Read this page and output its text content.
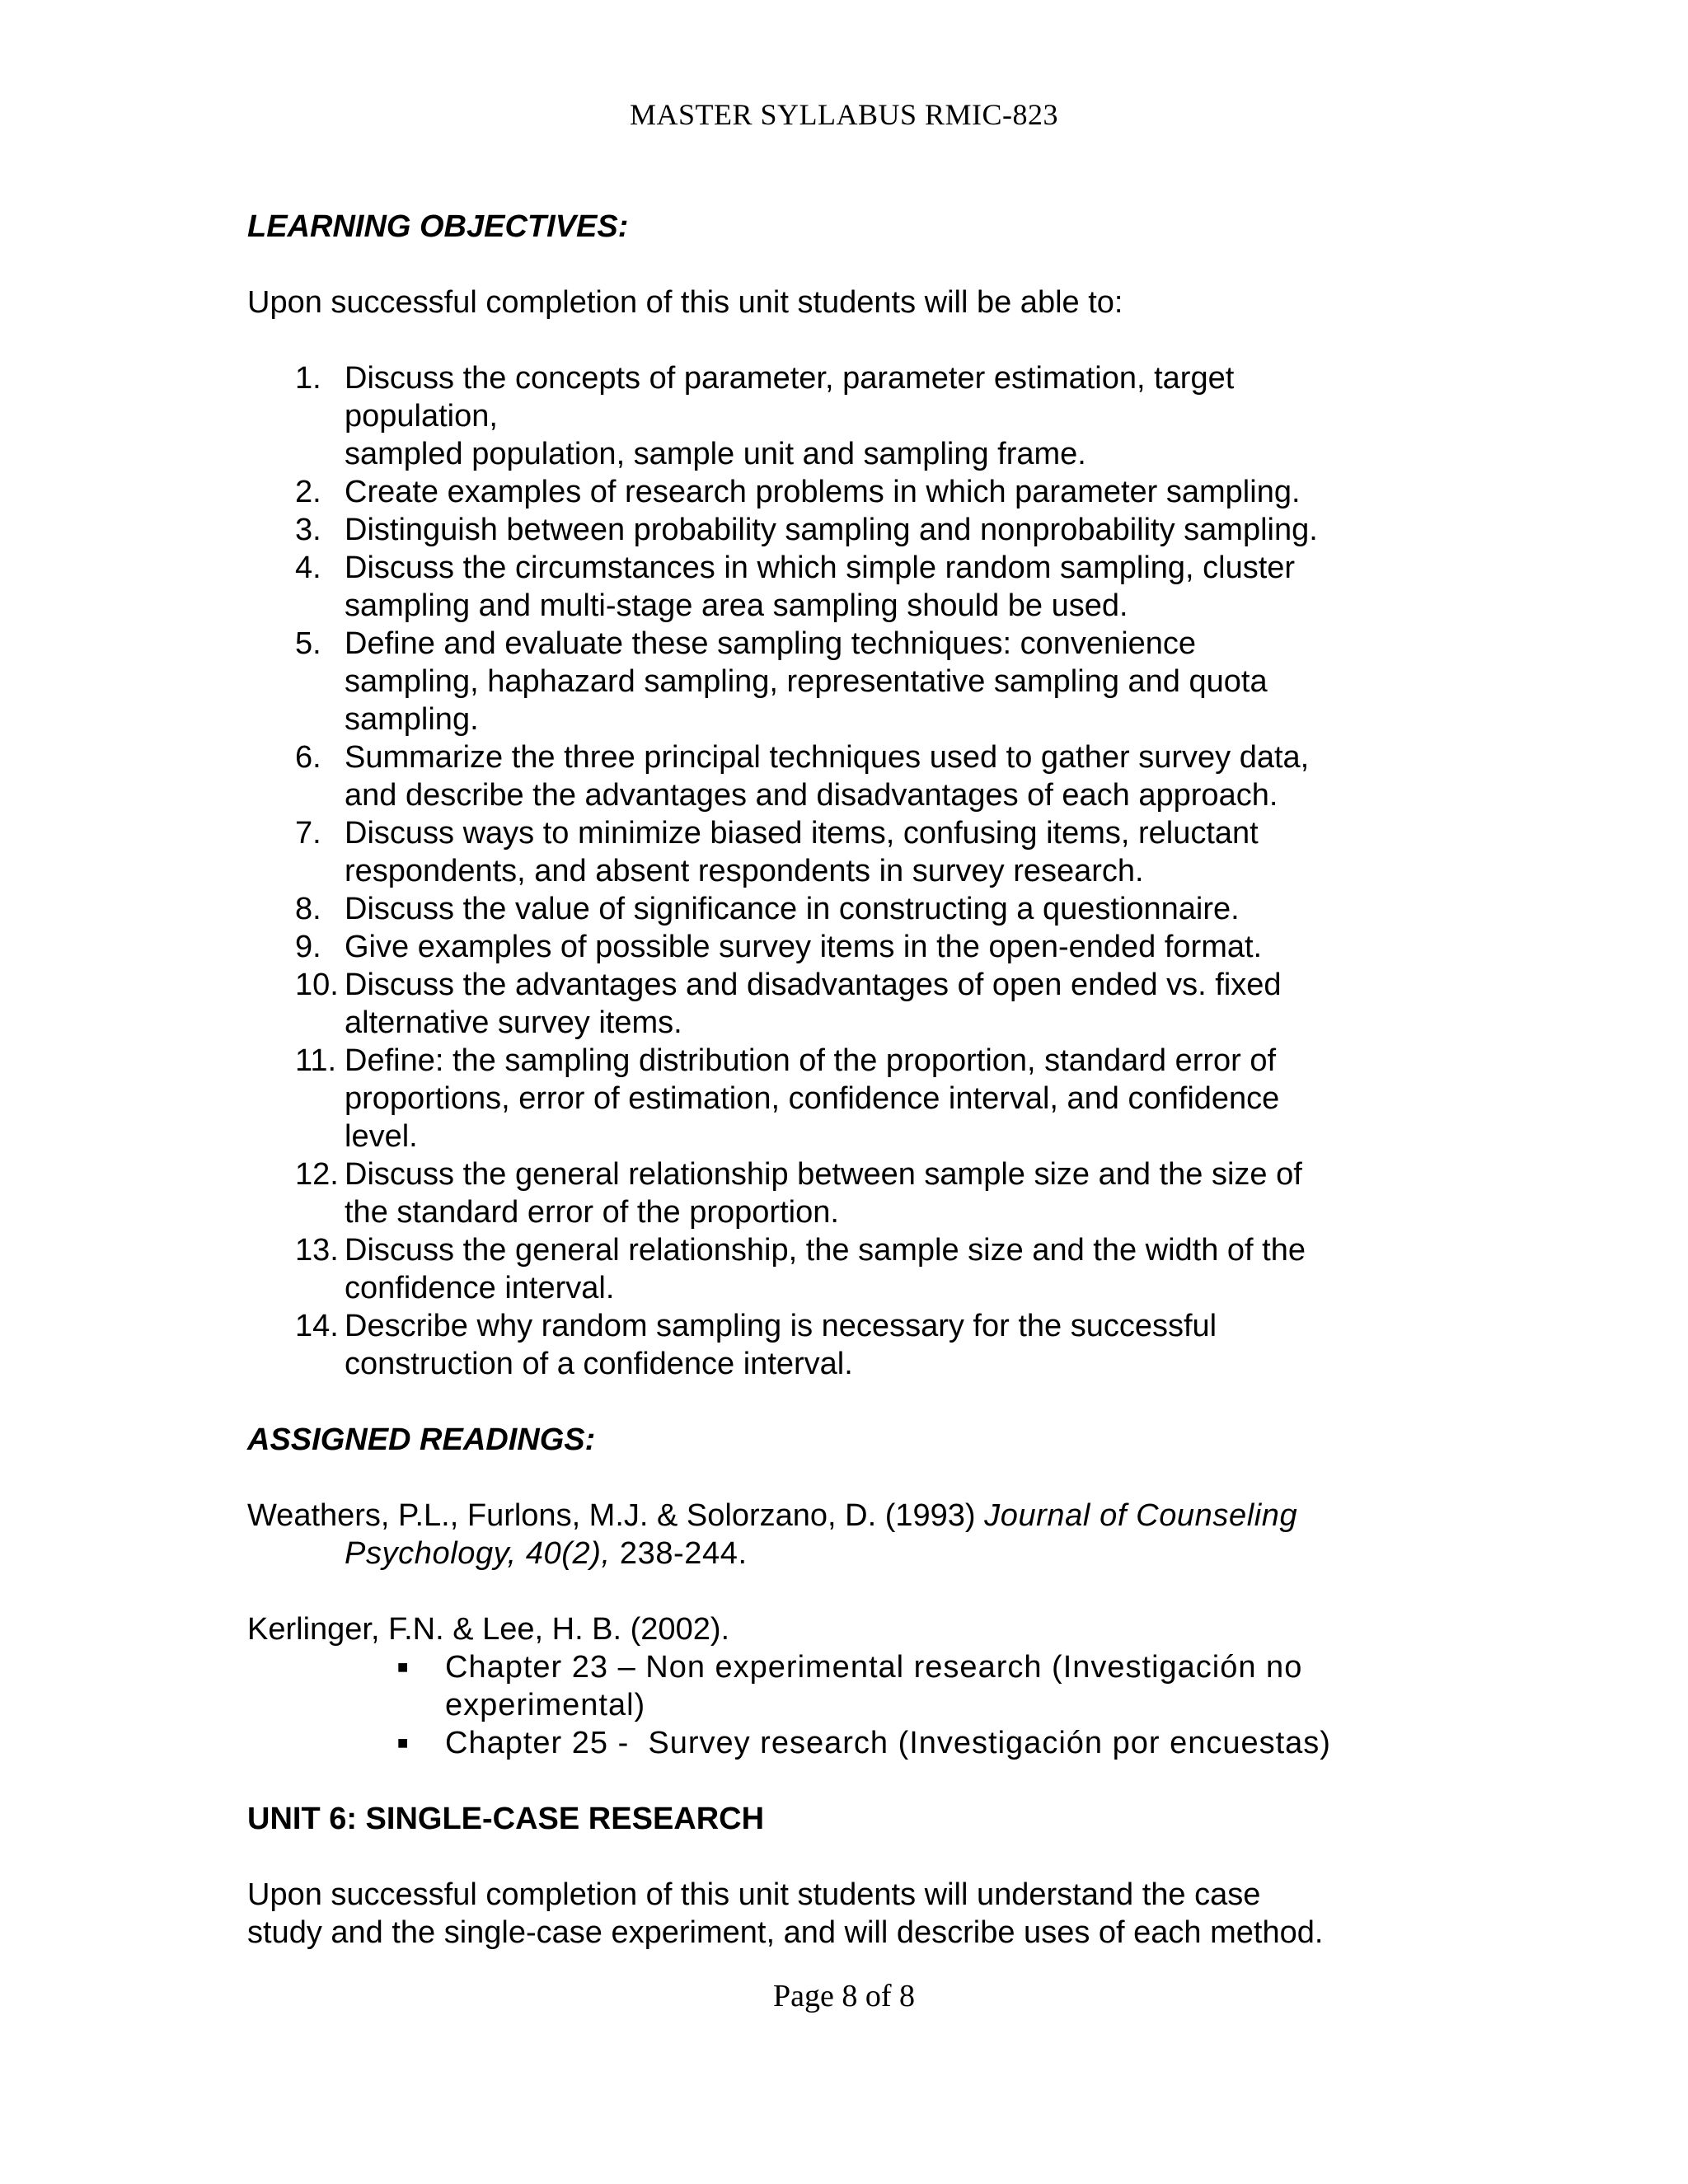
MASTER SYLLABUS RMIC-823

LEARNING OBJECTIVES:

Upon successful completion of this unit students will be able to:

1. Discuss the concepts of parameter, parameter estimation, target
population,
sampled population, sample unit and sampling frame.
2. Create examples of research problems in which parameter sampling.
3. Distinguish between probability sampling and nonprobability sampling.
4. Discuss the circumstances in which simple random sampling, cluster
sampling and multi-stage area sampling should be used.
5. Define and evaluate these sampling techniques: convenience
sampling, haphazard sampling, representative sampling and quota
sampling.
6. Summarize the three principal techniques used to gather survey data,
and describe the advantages and disadvantages of each approach.
7. Discuss ways to minimize biased items, confusing items, reluctant
respondents, and absent respondents in survey research.
8. Discuss the value of significance in constructing a questionnaire.
9. Give examples of possible survey items in the open-ended format.
10. Discuss the advantages and disadvantages of open ended vs. fixed
alternative survey items.
11. Define: the sampling distribution of the proportion, standard error of
proportions, error of estimation, confidence interval, and confidence
level.
12. Discuss the general relationship between sample size and the size of
the standard error of the proportion.
13. Discuss the general relationship, the sample size and the width of the
confidence interval.
14. Describe why random sampling is necessary for the successful
construction of a confidence interval.

ASSIGNED READINGS:

Weathers, P.L., Furlons, M.J. & Solorzano, D. (1993) Journal of Counseling
Psychology, 40(2), 238-244.

Kerlinger, F.N. & Lee, H. B. (2002).

■ Chapter 23 – Non experimental research (Investigación no
experimental)
■ Chapter 25 -  Survey research (Investigación por encuestas)

UNIT 6: SINGLE-CASE RESEARCH

Upon successful completion of this unit students will understand the case
study and the single-case experiment, and will describe uses of each method.

Page 8 of 8
